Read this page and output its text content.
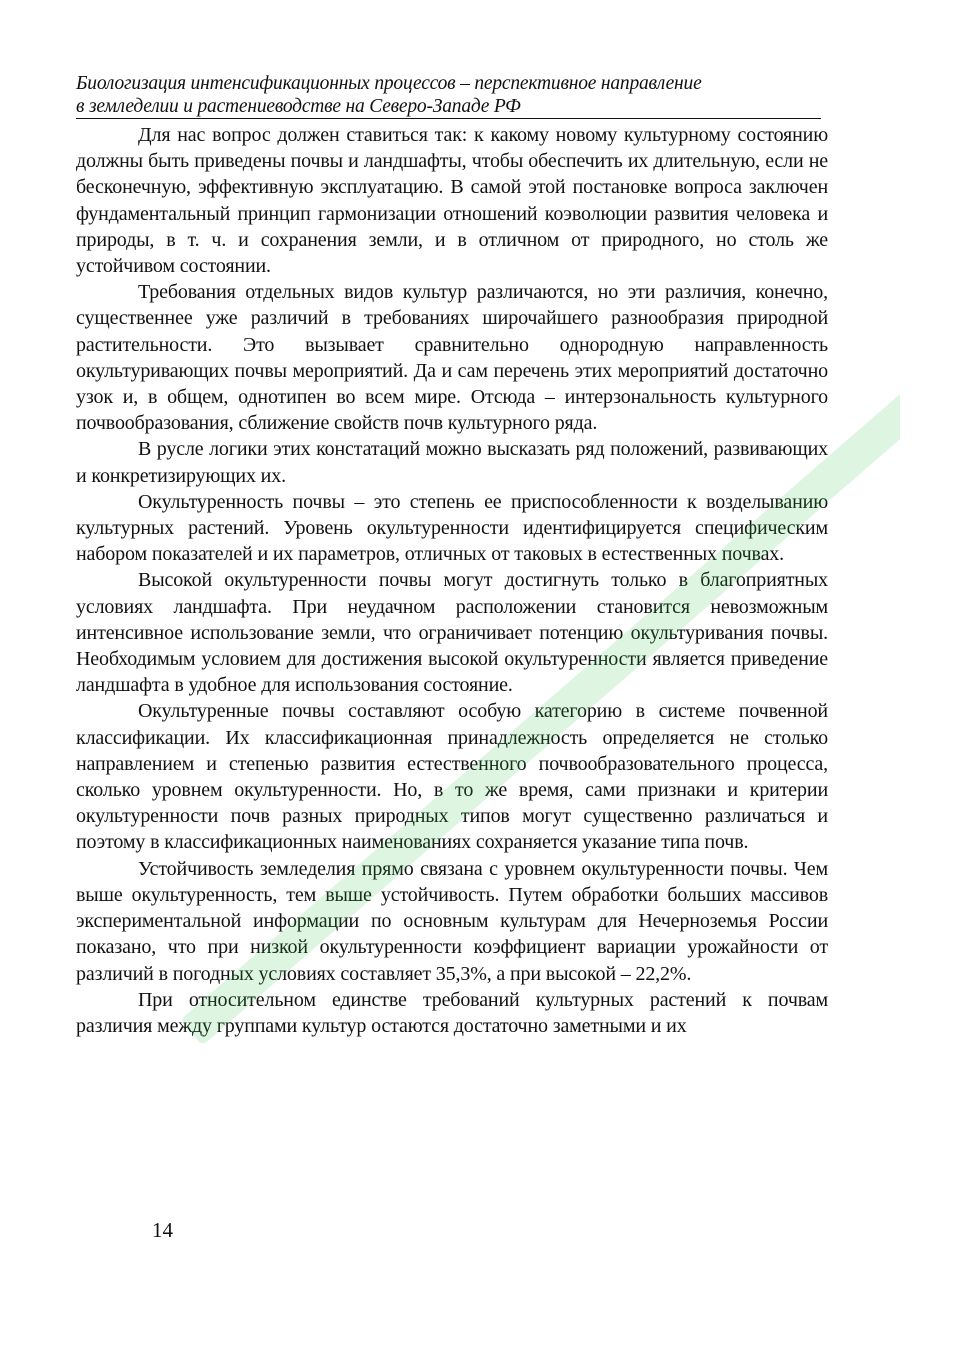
Биологизация интенсификационных процессов – перспективное направление
в земледелии и растениеводстве на Северо-Западе РФ

Для нас вопрос должен ставиться так: к какому новому культурному состоянию должны быть приведены почвы и ландшафты, чтобы обеспечить их длительную, если не бесконечную, эффективную эксплуатацию. В самой этой постановке вопроса заключен фундаментальный принцип гармонизации отношений коэволюции развития человека и природы, в т. ч. и сохранения земли, и в отличном от природного, но столь же устойчивом состоянии.

Требования отдельных видов культур различаются, но эти различия, конечно, существеннее уже различий в требованиях широчайшего разнообразия природной растительности. Это вызывает сравнительно однородную направленность окультуривающих почвы мероприятий. Да и сам перечень этих мероприятий достаточно узок и, в общем, однотипен во всем мире. Отсюда – интерзональность культурного почвообразования, сближение свойств почв культурного ряда.

В русле логики этих констатаций можно высказать ряд положений, развивающих и конкретизирующих их.

Окультуренность почвы – это степень ее приспособленности к возделыванию культурных растений. Уровень окультуренности идентифицируется специфическим набором показателей и их параметров, отличных от таковых в естественных почвах.

Высокой окультуренности почвы могут достигнуть только в благоприятных условиях ландшафта. При неудачном расположении становится невозможным интенсивное использование земли, что ограничивает потенцию окультуривания почвы. Необходимым условием для достижения высокой окультуренности является приведение ландшафта в удобное для использования состояние.

Окультуренные почвы составляют особую категорию в системе почвенной классификации. Их классификационная принадлежность определяется не столько направлением и степенью развития естественного почвообразовательного процесса, сколько уровнем окультуренности. Но, в то же время, сами признаки и критерии окультуренности почв разных природных типов могут существенно различаться и поэтому в классификационных наименованиях сохраняется указание типа почв.

Устойчивость земледелия прямо связана с уровнем окультуренности почвы. Чем выше окультуренность, тем выше устойчивость. Путем обработки больших массивов экспериментальной информации по основным культурам для Нечерноземья России показано, что при низкой окультуренности коэффициент вариации урожайности от различий в погодных условиях составляет 35,3%, а при высокой – 22,2%.

При относительном единстве требований культурных растений к почвам различия между группами культур остаются достаточно заметными и их

14
